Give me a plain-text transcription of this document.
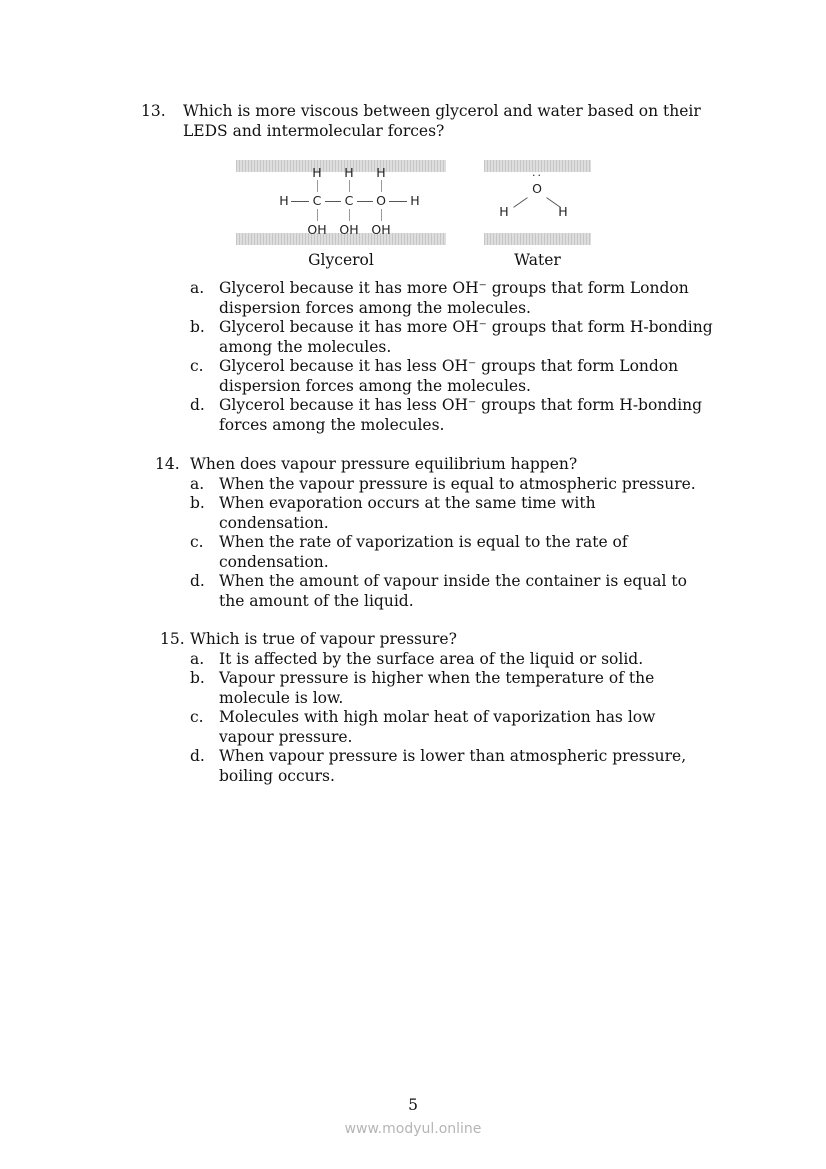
13.	Which is more viscous between glycerol and water based on their LEDS and intermolecular forces?
H H H
H C C O H
OH OH OH
··
O
H	H
Glycerol	Water
a. Glycerol because it has more OH⁻ groups that form London dispersion forces among the molecules.
b. Glycerol because it has more OH⁻ groups that form H-bonding among the molecules.
c. Glycerol because it has less OH⁻ groups that form London dispersion forces among the molecules.
d. Glycerol because it has less OH⁻ groups that form H-bonding forces among the molecules.
14. When does vapour pressure equilibrium happen?
a. When the vapour pressure is equal to atmospheric pressure.
b. When evaporation occurs at the same time with condensation.
c. When the rate of vaporization is equal to the rate of condensation.
d. When the amount of vapour inside the container is equal to the amount of the liquid.
15. Which is true of vapour pressure?
a. It is affected by the surface area of the liquid or solid.
b. Vapour pressure is higher when the temperature of the molecule is low.
c. Molecules with high molar heat of vaporization has low vapour pressure.
d. When vapour pressure is lower than atmospheric pressure, boiling occurs.
5
www.modyul.online
